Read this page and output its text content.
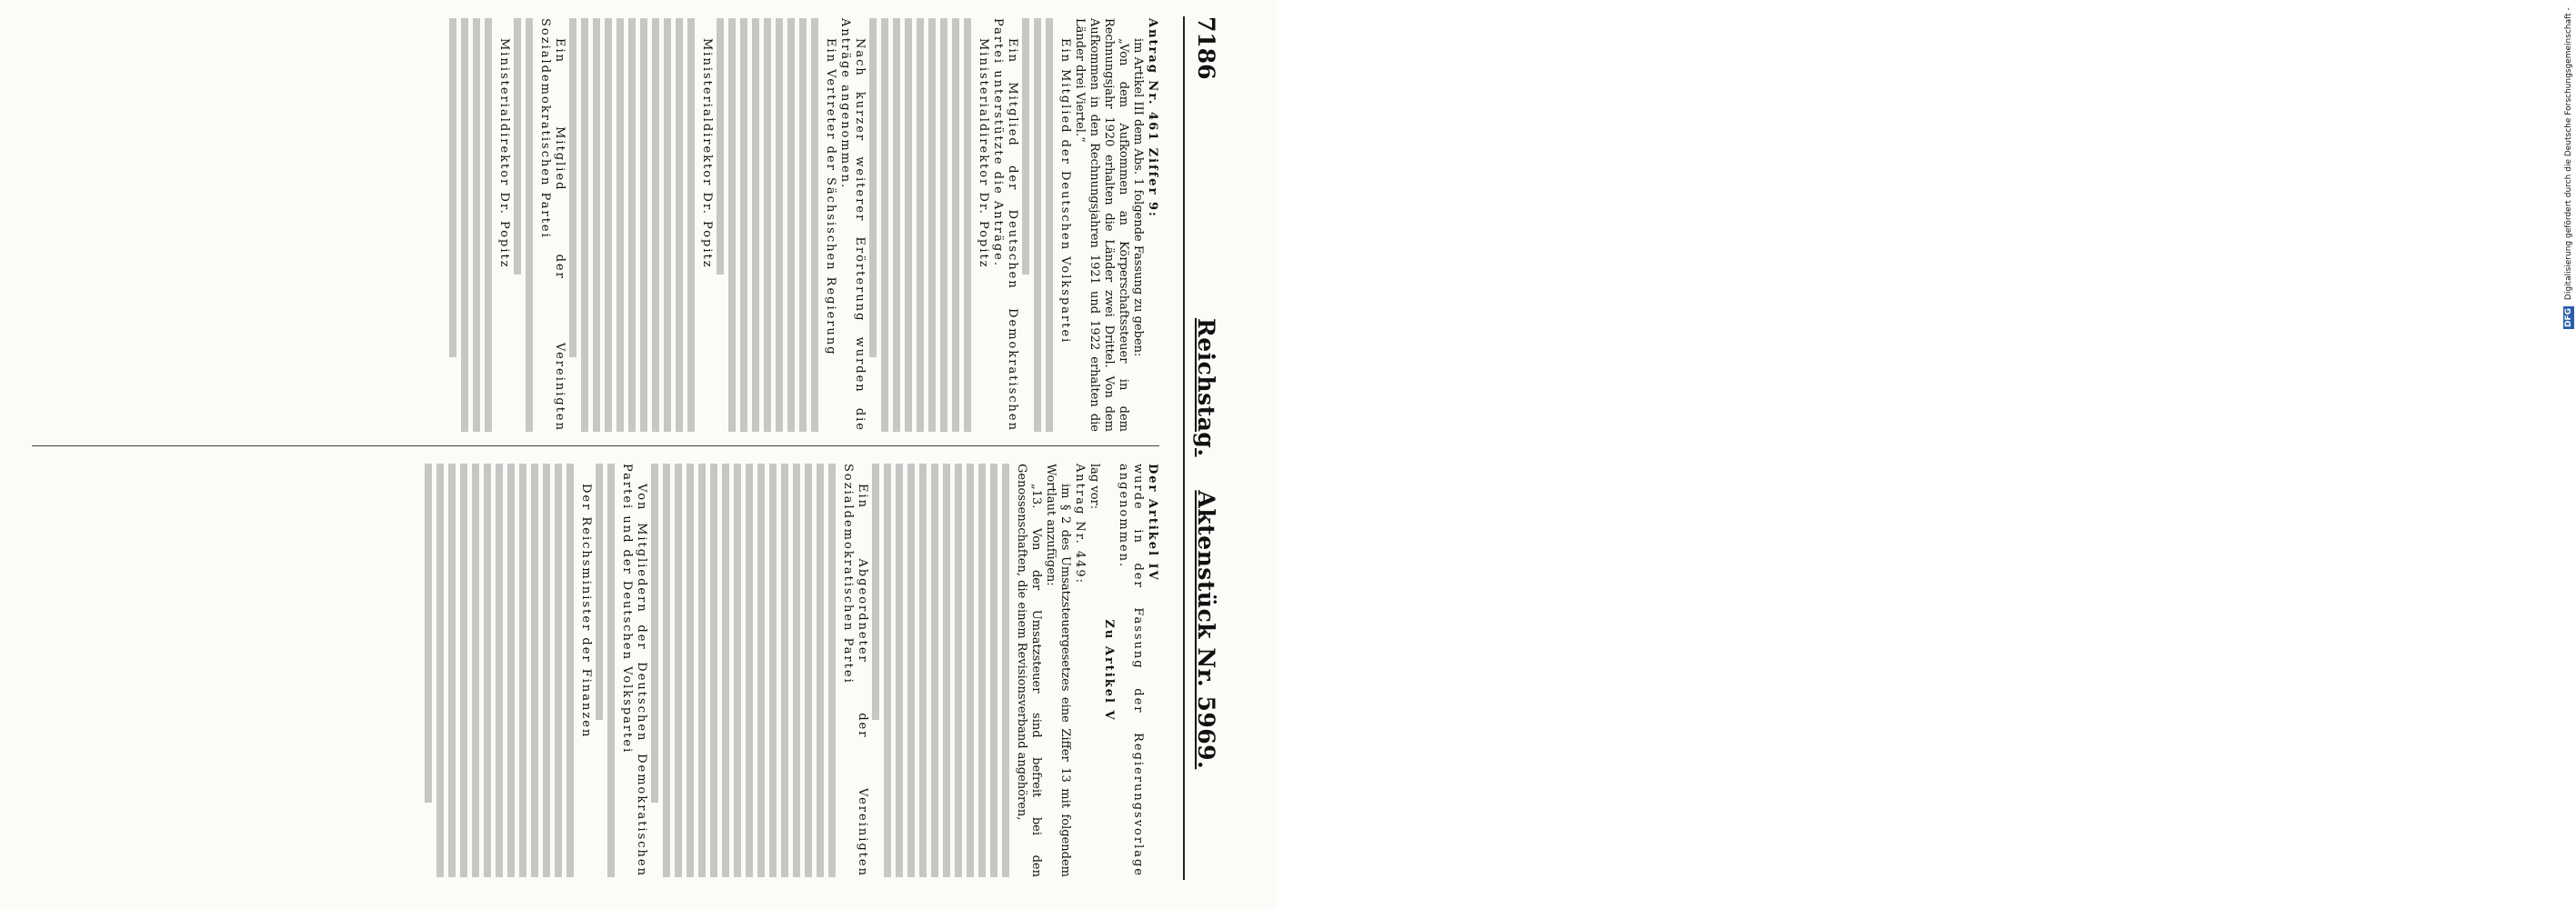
DFG Digitalisierung gefördert durch die Deutsche Forschungsgemeinschaft -
7186
Reichstag.    Aktenstück Nr. 5969.
Antrag Nr. 461 Ziffer 9:
im Artikel III dem Abs. 1 folgende Fassung zu geben:
„Von dem Aufkommen an Körperschaftssteuer in dem Rechnungsjahr 1920 erhalten die Länder zwei Drittel. Von dem Aufkommen in den Rechnungsjahren 1921 und 1922 erhalten die Länder drei Viertel.“
Ein Mitglied der Deutschen Volkspartei
Ein Mitglied der Deutschen Demokratischen Partei unterstützte die Anträge.
Ministerialdirektor Dr. Popitz
Nach kurzer weiterer Erörterung wurden die Anträge angenommen.
Ein Vertreter der Sächsischen Regierung
Ministerialdirektor Dr. Popitz
Ein Mitglied der Vereinigten Sozialdemokratischen Partei
Ministerialdirektor Dr. Popitz
Der Artikel IV
wurde in der Fassung der Regierungsvorlage angenommen.
Zu Artikel V
lag vor:
Antrag Nr. 449:
im § 2 des Umsatzsteuergesetzes eine Ziffer 13 mit folgendem Wortlaut anzufügen:
„13. Von der Umsatzsteuer sind befreit bei den Genossenschaften, die einem Revisionsverband angehören,
Ein Abgeordneter der Vereinigten Sozialdemokratischen Partei
Von Mitgliedern der Deutschen Demokratischen Partei und der Deutschen Volkspartei
Der Reichsminister der Finanzen
